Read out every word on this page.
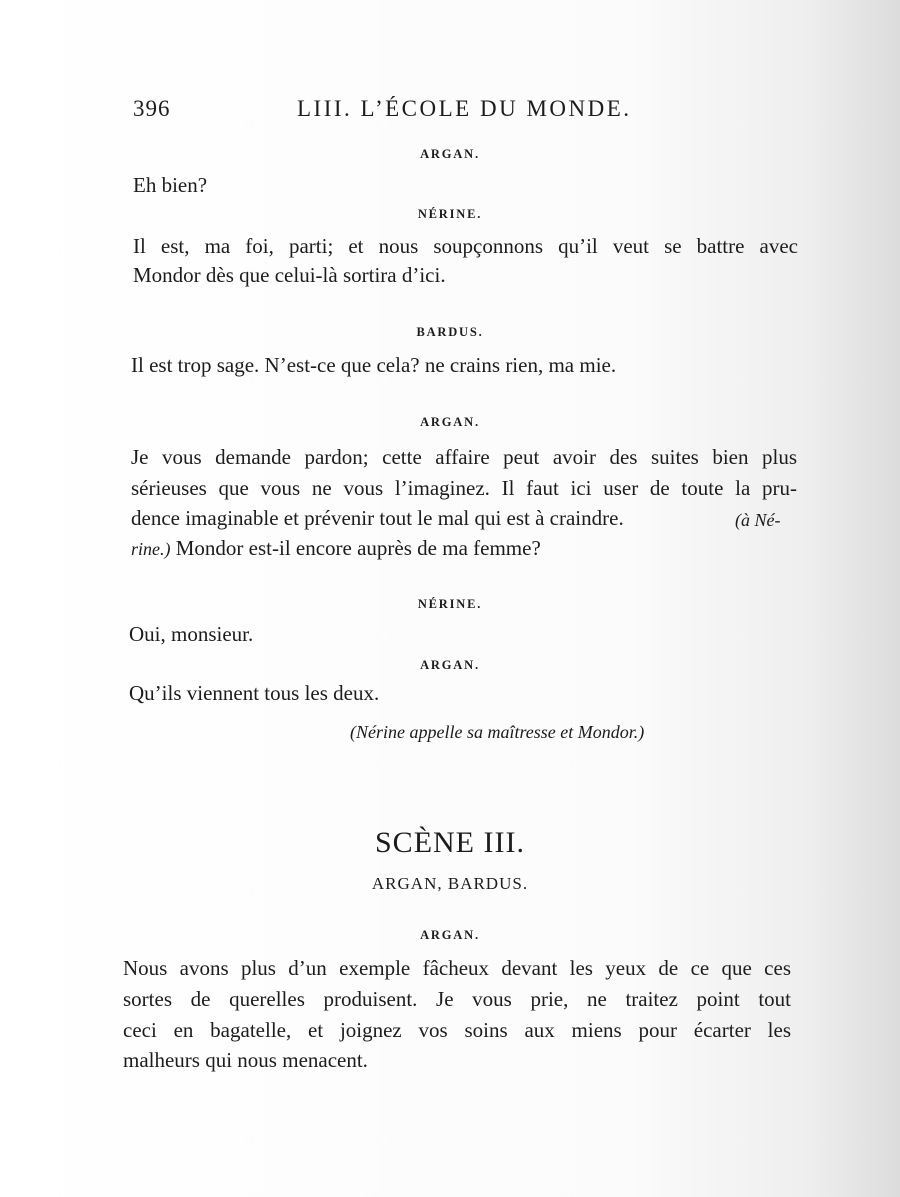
396	LIII. L’ÉCOLE DU MONDE.
ARGAN.
Eh bien?
NÉRINE.
Il est, ma foi, parti; et nous soupçonnons qu’il veut se battre avec
Mondor dès que celui-là sortira d’ici.
BARDUS.
Il est trop sage. N’est-ce que cela? ne crains rien, ma mie.
ARGAN.
Je vous demande pardon; cette affaire peut avoir des suites bien plus
sérieuses que vous ne vous l’imaginez. Il faut ici user de toute la pru-
dence imaginable et prévenir tout le mal qui est à craindre.	(à Né-
rine.) Mondor est-il encore auprès de ma femme?
NÉRINE.
Oui, monsieur.
ARGAN.
Qu’ils viennent tous les deux.
(Nérine appelle sa maîtresse et Mondor.)
SCÈNE III.
ARGAN, BARDUS.
ARGAN.
Nous avons plus d’un exemple fâcheux devant les yeux de ce que ces
sortes de querelles produisent. Je vous prie, ne traitez point tout
ceci en bagatelle, et joignez vos soins aux miens pour écarter les
malheurs qui nous menacent.
